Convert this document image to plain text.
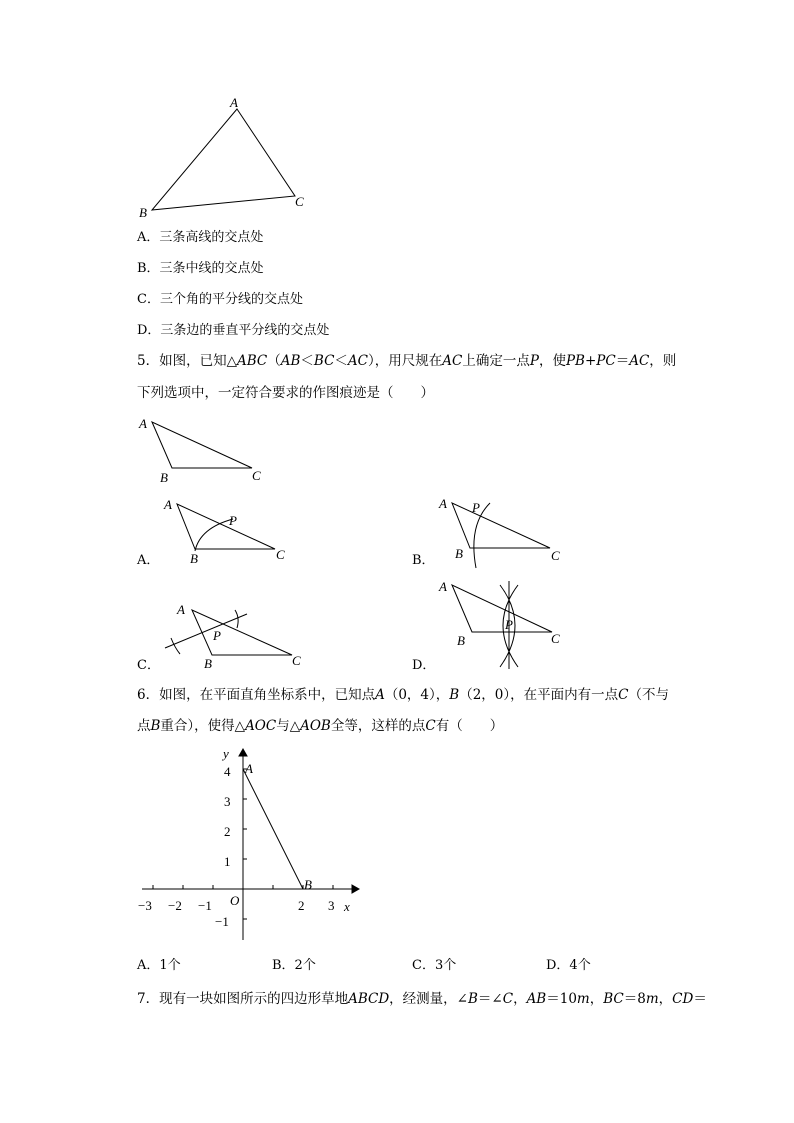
A
B
C
A．三条高线的交点处
B．三条中线的交点处
C．三个角的平分线的交点处
D．三条边的垂直平分线的交点处
5．如图，已知△ABC（AB＜BC＜AC），用尺规在AC上确定一点P，使PB+PC＝AC，则
下列选项中，一定符合要求的作图痕迹是（　　）
A
B	C
A．
A
B	C
P
B．
A
B	C
P
C．
A
B	C
P
D．
A
B	C
P
6．如图，在平面直角坐标系中，已知点A（0，4），B（2，0），在平面内有一点C（不与
点B重合），使得△AOC与△AOB全等，这样的点C有（　　）
y
x
O
A
B
4
3
2
1
−1
−3 −2 −1	2 3
A．1个	B．2个	C．3个	D．4个
7．现有一块如图所示的四边形草地ABCD，经测量，∠B＝∠C，AB＝10m，BC＝8m，CD＝
